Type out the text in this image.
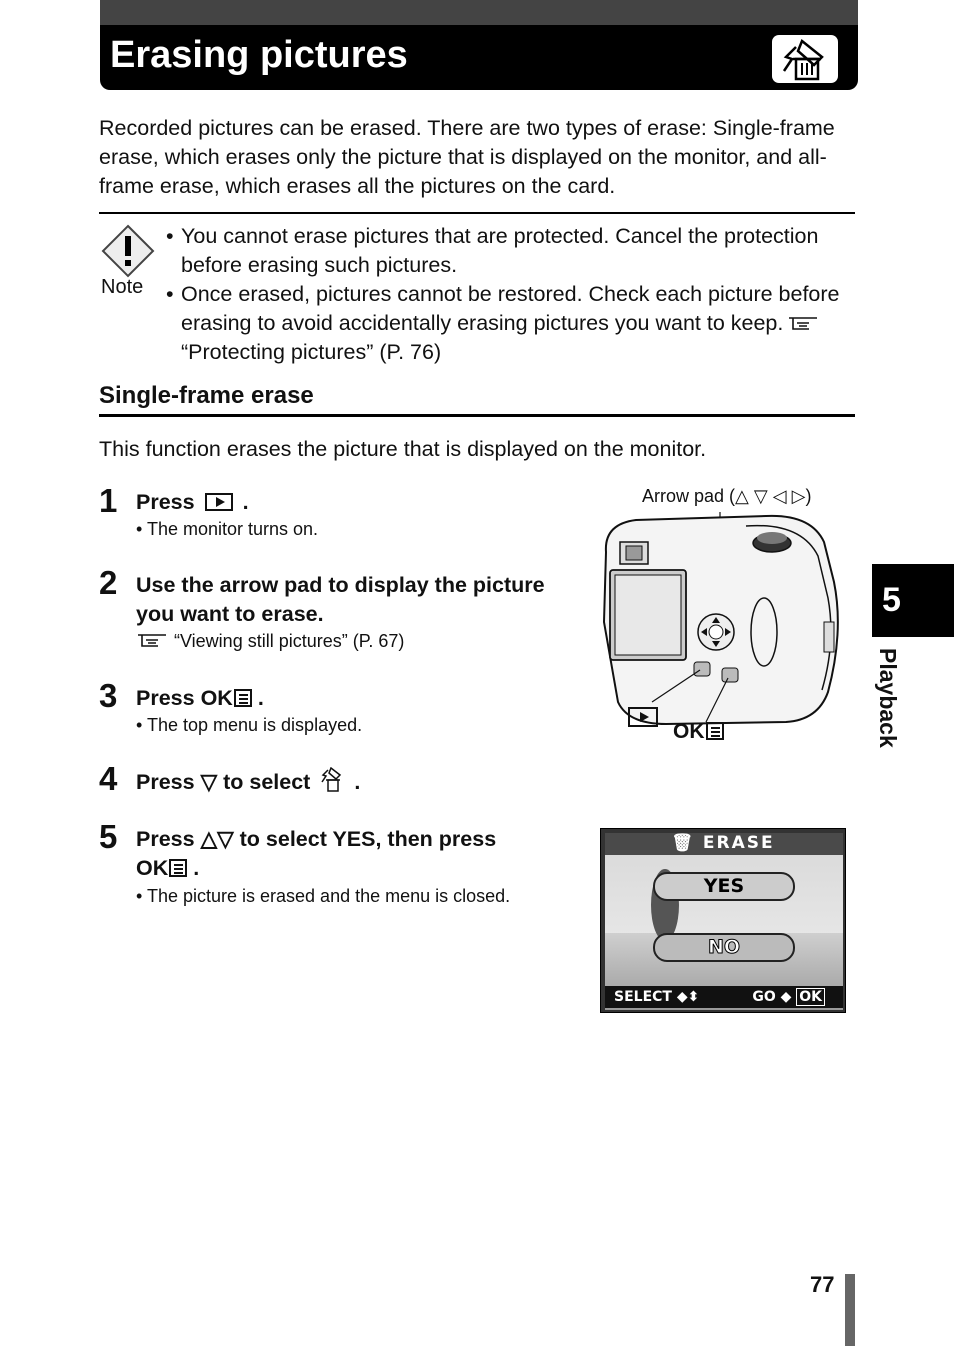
Erasing pictures

Recorded pictures can be erased. There are two types of erase: Single-frame erase, which erases only the picture that is displayed on the monitor, and all-frame erase, which erases all the pictures on the card.

Note
• You cannot erase pictures that are protected. Cancel the protection before erasing such pictures.
• Once erased, pictures cannot be restored. Check each picture before erasing to avoid accidentally erasing pictures you want to keep.“Protecting pictures” (P. 76)
Single-frame erase

This function erases the picture that is displayed on the monitor.

1 Press .
• The monitor turns on.
2 Use the arrow pad to display the picture you want to erase.
“Viewing still pictures” (P. 67)
3 Press OK .
• The top menu is displayed.
4 Press ▽ to select .
5 Press △▽ to select YES, then press
OK .
• The picture is erased and the menu is closed.
Arrow pad (△ ▽ ◁ ▷)
OK
🗑 ERASE
YES
NO
SELECT ◆⬍	GO ◆ OK
5
Playback
77
